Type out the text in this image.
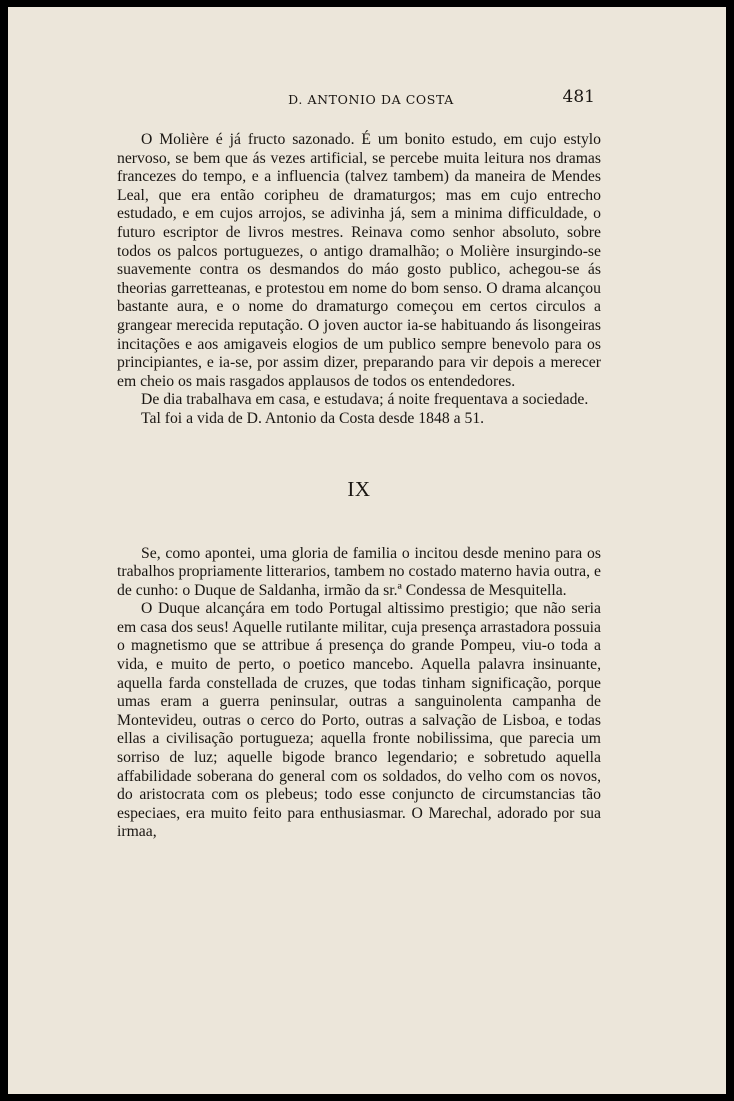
D. ANTONIO DA COSTA	481

O Molière é já fructo sazonado. É um bonito estudo, em cujo estylo nervoso, se bem que ás vezes artificial, se percebe muita leitura nos dramas francezes do tempo, e a influencia (talvez tambem) da maneira de Mendes Leal, que era então coripheu de dramaturgos; mas em cujo entrecho estudado, e em cujos arrojos, se adivinha já, sem a minima difficuldade, o futuro escriptor de livros mestres. Reinava como senhor absoluto, sobre todos os palcos portuguezes, o antigo dramalhão; o Molière insurgindo-se suavemente contra os desmandos do máo gosto publico, achegou-se ás theorias garretteanas, e protestou em nome do bom senso. O drama alcançou bastante aura, e o nome do dramaturgo começou em certos circulos a grangear merecida reputação. O joven auctor ia-se habituando ás lisongeiras incitações e aos amigaveis elogios de um publico sempre benevolo para os principiantes, e ia-se, por assim dizer, preparando para vir depois a merecer em cheio os mais rasgados applausos de todos os entendedores.

De dia trabalhava em casa, e estudava; á noite frequentava a sociedade.

Tal foi a vida de D. Antonio da Costa desde 1848 a 51.

IX

Se, como apontei, uma gloria de familia o incitou desde menino para os trabalhos propriamente litterarios, tambem no costado materno havia outra, e de cunho: o Duque de Saldanha, irmão da sr.ª Condessa de Mesquitella.

O Duque alcançára em todo Portugal altissimo prestigio; que não seria em casa dos seus! Aquelle rutilante militar, cuja presença arrastadora possuia o magnetismo que se attribue á presença do grande Pompeu, viu-o toda a vida, e muito de perto, o poetico mancebo. Aquella palavra insinuante, aquella farda constellada de cruzes, que todas tinham significação, porque umas eram a guerra peninsular, outras a sanguinolenta campanha de Montevideu, outras o cerco do Porto, outras a salvação de Lisboa, e todas ellas a civilisação portugueza; aquella fronte nobilissima, que parecia um sorriso de luz; aquelle bigode branco legendario; e sobretudo aquella affabilidade soberana do general com os soldados, do velho com os novos, do aristocrata com os plebeus; todo esse conjuncto de circumstancias tão especiaes, era muito feito para enthusiasmar. O Marechal, adorado por sua irmaa,
